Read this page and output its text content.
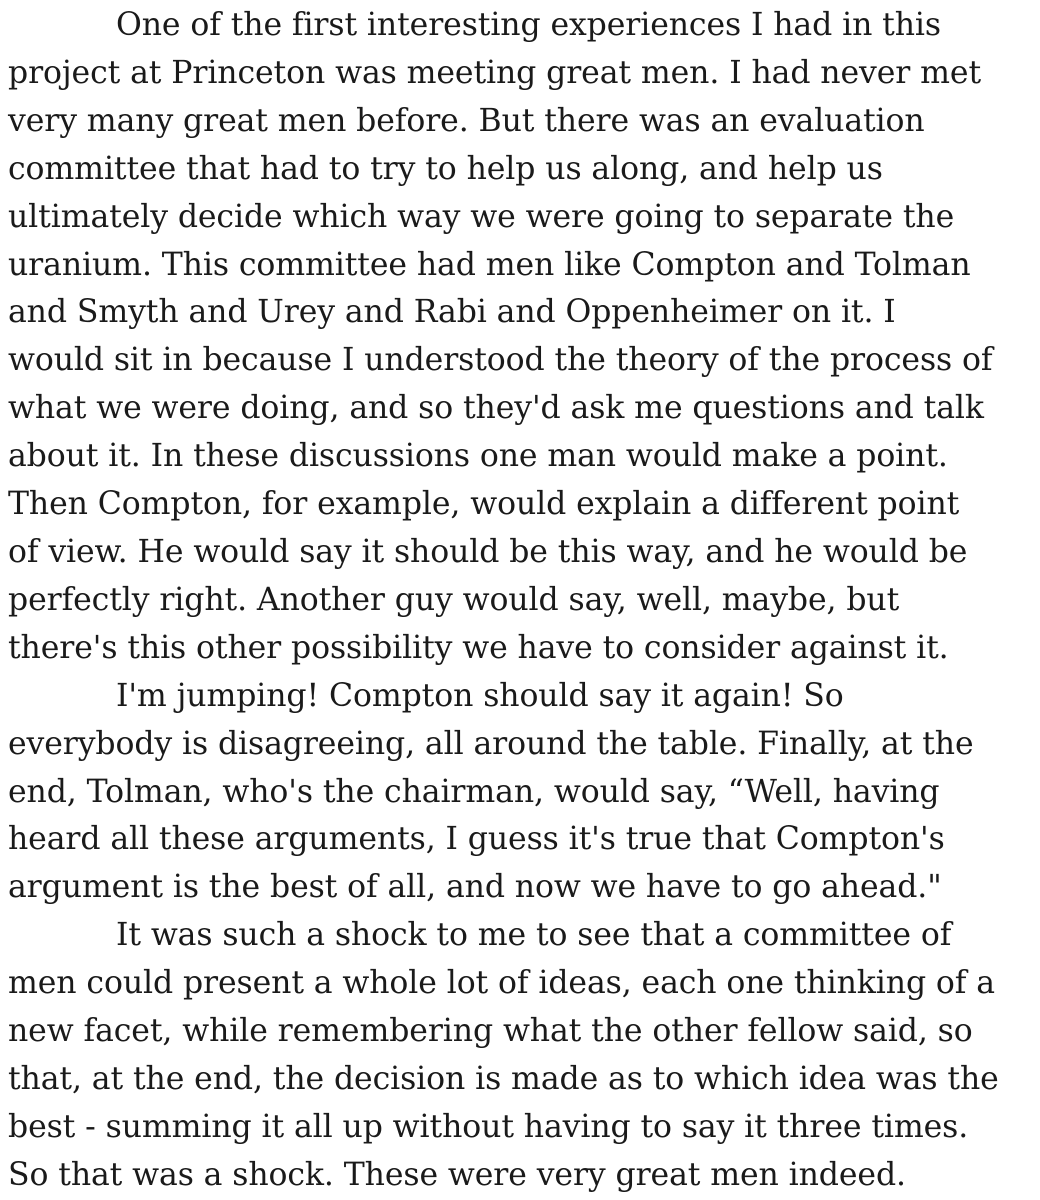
One of the first interesting experiences I had in this
project at Princeton was meeting great men. I had never met
very many great men before. But there was an evaluation
committee that had to try to help us along, and help us
ultimately decide which way we were going to separate the
uranium. This committee had men like Compton and Tolman
and Smyth and Urey and Rabi and Oppenheimer on it. I
would sit in because I understood the theory of the process of
what we were doing, and so they'd ask me questions and talk
about it. In these discussions one man would make a point.
Then Compton, for example, would explain a different point
of view. He would say it should be this way, and he would be
perfectly right. Another guy would say, well, maybe, but
there's this other possibility we have to consider against it.

I'm jumping! Compton should say it again! So
everybody is disagreeing, all around the table. Finally, at the
end, Tolman, who's the chairman, would say, “Well, having
heard all these arguments, I guess it's true that Compton's
argument is the best of all, and now we have to go ahead."

It was such a shock to me to see that a committee of
men could present a whole lot of ideas, each one thinking of a
new facet, while remembering what the other fellow said, so
that, at the end, the decision is made as to which idea was the
best - summing it all up without having to say it three times.
So that was a shock. These were very great men indeed.
